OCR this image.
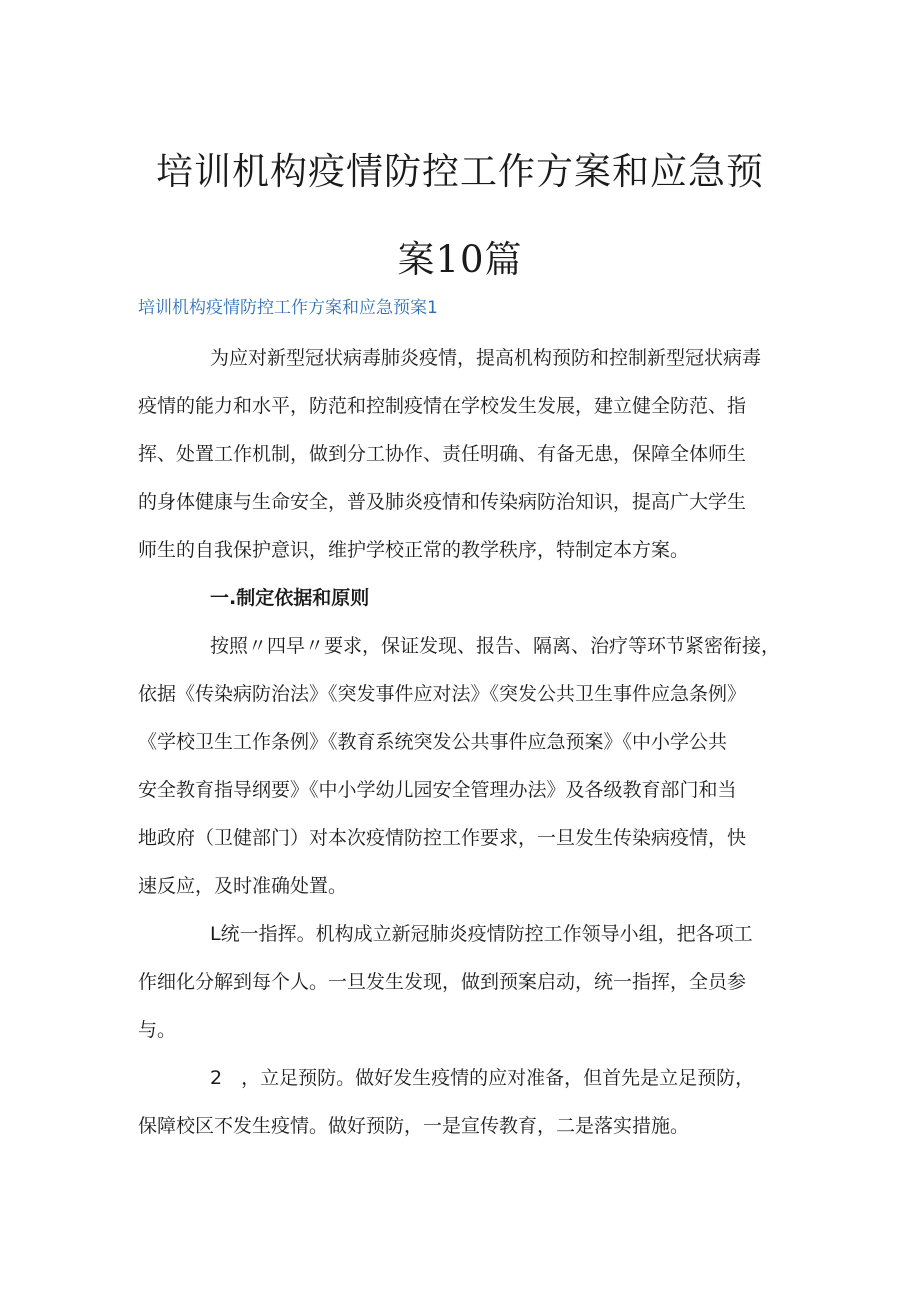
培训机构疫情防控工作方案和应急预
案10篇
培训机构疫情防控工作方案和应急预案1
为应对新型冠状病毒肺炎疫情，提高机构预防和控制新型冠状病毒
疫情的能力和水平，防范和控制疫情在学校发生发展，建立健全防范、指
挥、处置工作机制，做到分工协作、责任明确、有备无患，保障全体师生
的身体健康与生命安全，普及肺炎疫情和传染病防治知识，提高广大学生
师生的自我保护意识，维护学校正常的教学秩序，特制定本方案。
一.制定依据和原则
按照〃四早〃要求，保证发现、报告、隔离、治疗等环节紧密衔接，
依据《传染病防治法》《突发事件应对法》《突发公共卫生事件应急条例》
《学校卫生工作条例》《教育系统突发公共事件应急预案》《中小学公共
安全教育指导纲要》《中小学幼儿园安全管理办法》及各级教育部门和当
地政府（卫健部门）对本次疫情防控工作要求，一旦发生传染病疫情，快
速反应，及时准确处置。
L统一指挥。机构成立新冠肺炎疫情防控工作领导小组，把各项工
作细化分解到每个人。一旦发生发现，做到预案启动，统一指挥，全员参
与。
2　，立足预防。做好发生疫情的应对准备，但首先是立足预防，
保障校区不发生疫情。做好预防，一是宣传教育，二是落实措施。
